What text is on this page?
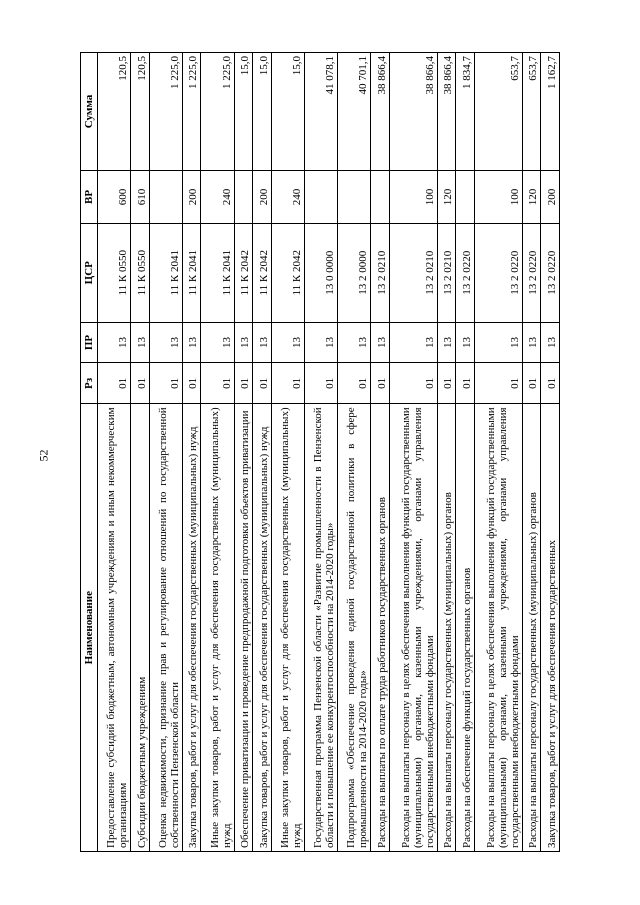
52
Наименование	Рз	ПР	ЦСР	ВР	Сумма
Предоставление субсидий бюджетным, автономным учреждениям и иным некоммерческим организациям	01	13	11 К 0550	600	120,5
Субсидии бюджетным учреждениям	01	13	11 К 0550	610	120,5
Оценка недвижимости, признание прав и регулирование отношений по государственной собственности Пензенской области	01	13	11 К 2041		1 225,0
Закупка товаров, работ и услуг для обеспечения государственных (муниципальных) нужд	01	13	11 К 2041	200	1 225,0
Иные закупки товаров, работ и услуг для обеспечения государственных (муниципальных) нужд	01	13	11 К 2041	240	1 225,0
Обеспечение приватизации и проведение предпродажной подготовки объектов приватизации	01	13	11 К 2042		15,0
Закупка товаров, работ и услуг для обеспечения государственных (муниципальных) нужд	01	13	11 К 2042	200	15,0
Иные закупки товаров, работ и услуг для обеспечения государственных (муниципальных) нужд	01	13	11 К 2042	240	15,0
Государственная программа Пензенской области «Развитие промышленности в Пензенской области и повышение ее конкурентоспособности на 2014-2020 годы»	01	13	13 0 0000		41 078,1
Подпрограмма «Обеспечение проведения единой государственной политики в сфере промышленности на 2014-2020 годы»	01	13	13 2 0000		40 701,1
Расходы на выплаты по оплате труда работников государственных органов	01	13	13 2 0210		38 866,4
Расходы на выплаты персоналу в целях обеспечения выполнения функций государственными (муниципальными) органами, казенными учреждениями, органами управления государственными внебюджетными фондами	01	13	13 2 0210	100	38 866,4
Расходы на выплаты персоналу государственных (муниципальных) органов	01	13	13 2 0210	120	38 866,4
Расходы на обеспечение функций государственных органов	01	13	13 2 0220		1 834,7
Расходы на выплаты персоналу в целях обеспечения выполнения функций государственными (муниципальными) органами, казенными учреждениями, органами управления государственными внебюджетными фондами	01	13	13 2 0220	100	653,7
Расходы на выплаты персоналу государственных (муниципальных) органов	01	13	13 2 0220	120	653,7
Закупка товаров, работ и услуг для обеспечения государственных	01	13	13 2 0220	200	1 162,7
